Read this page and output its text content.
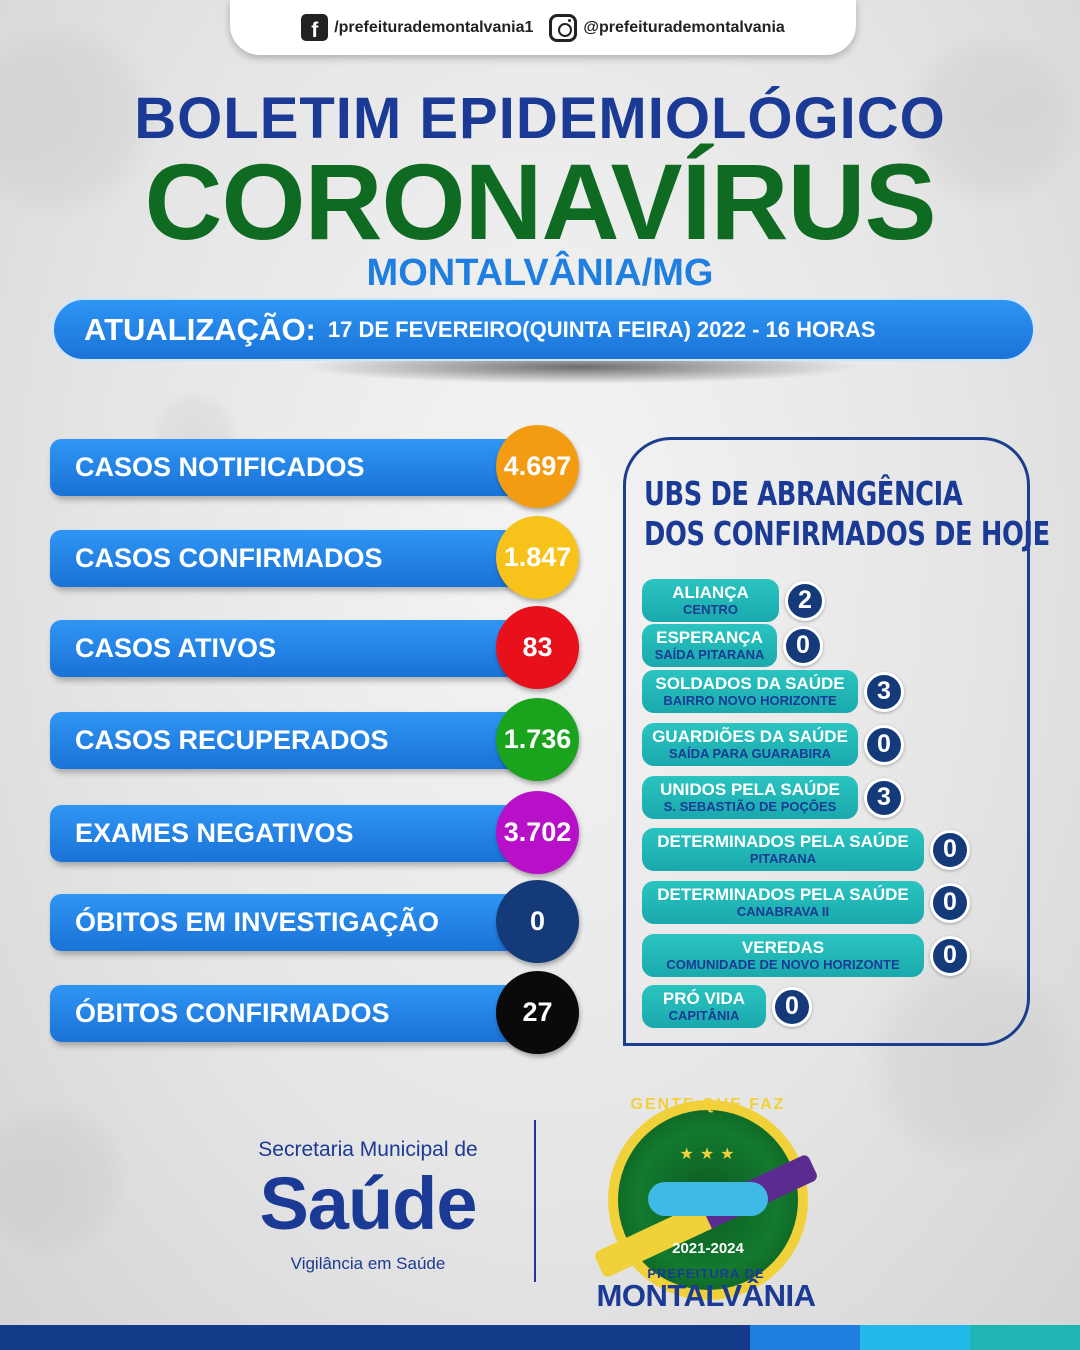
f	/prefeiturademontalvania1	@prefeiturademontalvania
BOLETIM EPIDEMIOLÓGICO
CORONAVÍRUS
MONTALVÂNIA/MG
ATUALIZAÇÃO: 17 DE FEVEREIRO(QUINTA FEIRA) 2022 - 16 HORAS
CASOS NOTIFICADOS	4.697
CASOS CONFIRMADOS	1.847
CASOS ATIVOS	83
CASOS RECUPERADOS	1.736
EXAMES NEGATIVOS	3.702
ÓBITOS EM INVESTIGAÇÃO	0
ÓBITOS CONFIRMADOS	27
UBS DE ABRANGÊNCIA
DOS CONFIRMADOS DE HOJE
ALIANÇA
CENTRO	2
ESPERANÇA
SAÍDA PITARANA	0
SOLDADOS DA SAÚDE
BAIRRO NOVO HORIZONTE	3
GUARDIÕES DA SAÚDE
SAÍDA PARA GUARABIRA	0
UNIDOS PELA SAÚDE
S. SEBASTIÃO DE POÇÕES	3
DETERMINADOS PELA SAÚDE
PITARANA	0
DETERMINADOS PELA SAÚDE
CANABRAVA II	0
VEREDAS
COMUNIDADE DE NOVO HORIZONTE	0
PRÓ VIDA
CAPITÂNIA	0
Secretaria Municipal de
Saúde
Vigilância em Saúde
★★★
GENTE QUE FAZ
2021-2024
PREFEITURA DE
MONTALVÂNIA
